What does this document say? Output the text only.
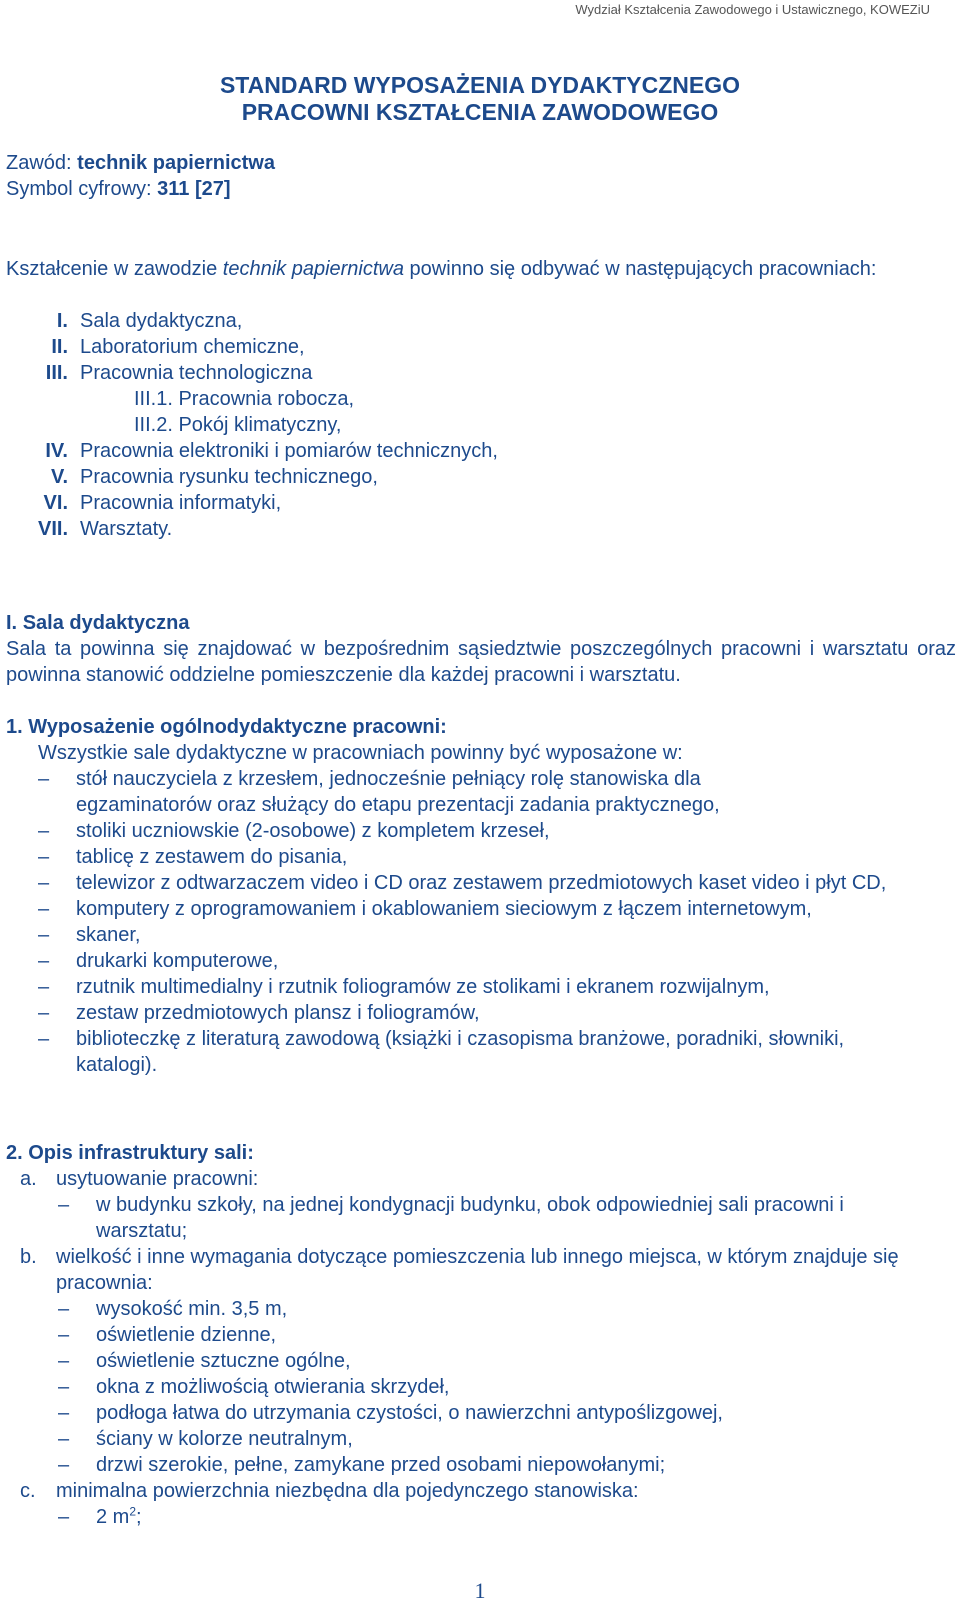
Wydział Kształcenia Zawodowego i Ustawicznego, KOWEZiU
STANDARD WYPOSAŻENIA DYDAKTYCZNEGO
PRACOWNI KSZTAŁCENIA ZAWODOWEGO
Zawód: technik papiernictwa
Symbol cyfrowy: 311 [27]
Kształcenie w zawodzie technik papiernictwa powinno się odbywać w następujących pracowniach:
I. Sala dydaktyczna,
II. Laboratorium chemiczne,
III. Pracownia technologiczna
III.1. Pracownia robocza,
III.2. Pokój klimatyczny,
IV. Pracownia elektroniki i pomiarów technicznych,
V. Pracownia rysunku technicznego,
VI. Pracownia informatyki,
VII. Warsztaty.
I. Sala dydaktyczna
Sala ta powinna się znajdować w bezpośrednim sąsiedztwie poszczególnych pracowni i warsztatu oraz powinna stanowić oddzielne pomieszczenie dla każdej pracowni i warsztatu.
1. Wyposażenie ogólnodydaktyczne pracowni:
Wszystkie sale dydaktyczne w pracowniach powinny być wyposażone w:
–	stół nauczyciela z krzesłem, jednocześnie pełniący rolę stanowiska dla egzaminatorów oraz służący do etapu prezentacji zadania praktycznego,
–	stoliki uczniowskie (2-osobowe) z kompletem krzeseł,
–	tablicę z zestawem do pisania,
–	telewizor z odtwarzaczem video i CD oraz zestawem przedmiotowych kaset video i płyt CD,
–	komputery z oprogramowaniem i okablowaniem sieciowym z łączem internetowym,
–	skaner,
–	drukarki komputerowe,
–	rzutnik multimedialny i rzutnik foliogramów ze stolikami i ekranem rozwijalnym,
–	zestaw przedmiotowych plansz i foliogramów,
–	biblioteczkę z literaturą zawodową (książki i czasopisma branżowe, poradniki, słowniki, katalogi).
2. Opis infrastruktury sali:
a. usytuowanie pracowni:
–	w budynku szkoły, na jednej kondygnacji budynku, obok odpowiedniej sali pracowni i warsztatu;
b. wielkość i inne wymagania dotyczące pomieszczenia lub innego miejsca, w którym znajduje się pracownia:
–	wysokość min. 3,5 m,
–	oświetlenie dzienne,
–	oświetlenie sztuczne ogólne,
–	okna z możliwością otwierania skrzydeł,
–	podłoga łatwa do utrzymania czystości, o nawierzchni antypoślizgowej,
–	ściany w kolorze neutralnym,
–	drzwi szerokie, pełne, zamykane przed osobami niepowołanymi;
c.	minimalna powierzchnia niezbędna dla pojedynczego stanowiska:
–	2 $m^2$;
1
